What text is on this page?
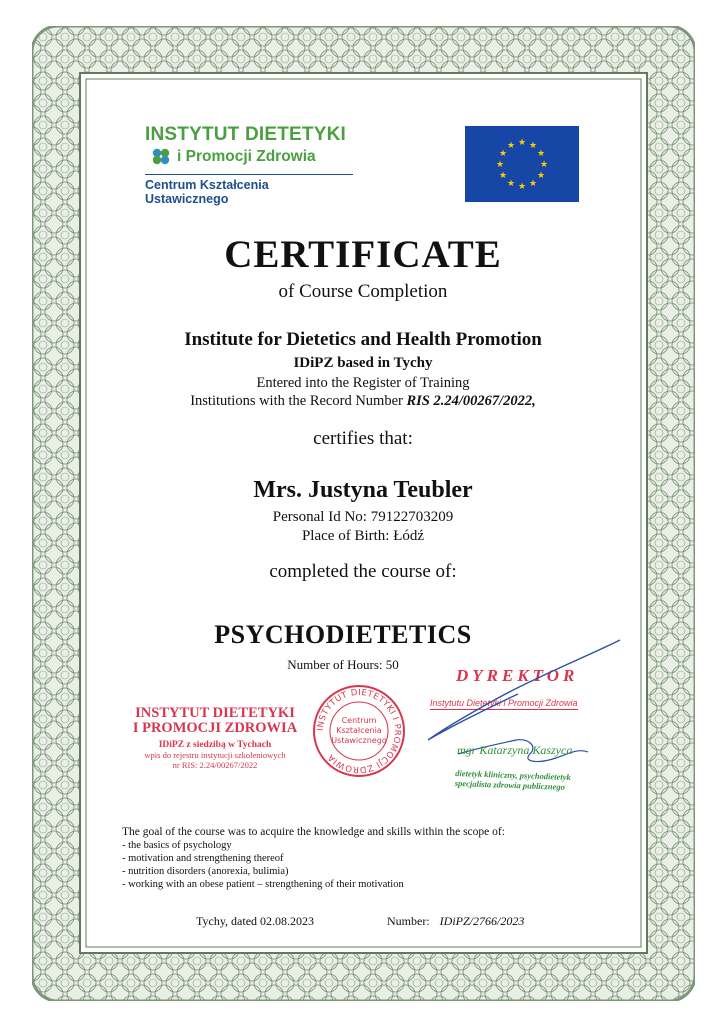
INSTYTUT DIETETYKI
i Promocji Zdrowia
Centrum Kształcenia Ustawicznego
★ ★
★
★
★
★
★
★
★
★
★
★
CERTIFICATE
of Course Completion
Institute for Dietetics and Health Promotion
IDiPZ based in Tychy
Entered into the Register of Training
Institutions with the Record Number RIS 2.24/00267/2022,
certifies that:
Mrs. Justyna Teubler
Personal Id No: 79122703209
Place of Birth: Łódź
completed the course of:
PSYCHODIETETICS
Number of Hours: 50
INSTYTUT DIETETYKI
I PROMOCJI ZDROWIA
IDiPZ z siedzibą w Tychach
wpis do rejestru instytucji szkoleniowych
nr RIS: 2.24/00267/2022
INSTYTUT DIETETYKI I PROMOCJI ZDROWIA
Centrum
Kształcenia
Ustawicznego
DYREKTOR
Instytutu Dietetyki i Promocji Zdrowia
mgr Katarzyna Kaszyca
dietetyk kliniczny, psychodietetyk
specjalista zdrowia publicznego
The goal of the course was to acquire the knowledge and skills within the scope of:
- the basics of psychology
- motivation and strengthening thereof
- nutrition disorders (anorexia, bulimia)
- working with an obese patient – strengthening of their motivation
Tychy, dated 02.08.2023	Number: IDiPZ/2766/2023
